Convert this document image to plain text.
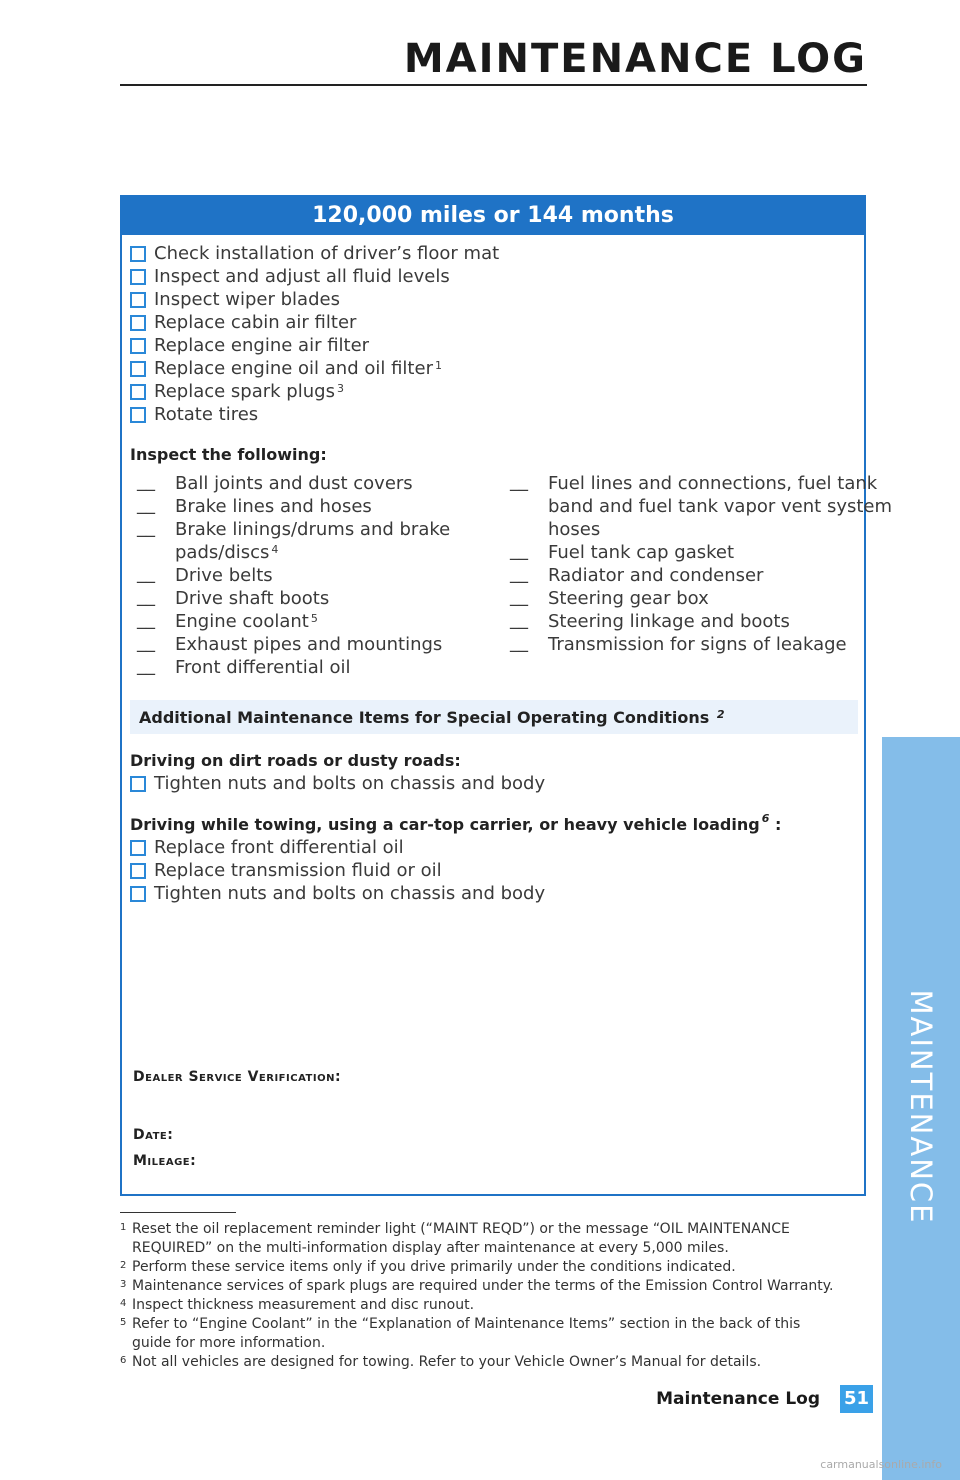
MAINTENANCE LOG
MAINTENANCE
120,000 miles or 144 months
Check installation of driver’s floor mat
Inspect and adjust all fluid levels
Inspect wiper blades
Replace cabin air filter
Replace engine air filter
Replace engine oil and oil filter $^1$
Replace spark plugs $^3$
Rotate tires
Inspect the following:
__ Ball joints and dust covers
__ Brake lines and hoses
__ Brake linings/drums and brake
pads/discs $^4$
__ Drive belts
__ Drive shaft boots
__ Engine coolant $^5$
__ Exhaust pipes and mountings
__ Front differential oil
__ Fuel lines and connections, fuel tank
band and fuel tank vapor vent system
hoses
__ Fuel tank cap gasket
__ Radiator and condenser
__ Steering gear box
__ Steering linkage and boots
__ Transmission for signs of leakage
Additional Maintenance Items for Special Operating Conditions $^2$
Driving on dirt roads or dusty roads:
Tighten nuts and bolts on chassis and body
Driving while towing, using a car-top carrier, or heavy vehicle loading $^6$ :
Replace front differential oil
Replace transmission fluid or oil
Tighten nuts and bolts on chassis and body
Dealer Service Verification:
Date:
Mileage:
1 Reset the oil replacement reminder light (“MAINT REQD”) or the message “OIL MAINTENANCE
REQUIRED” on the multi-information display after maintenance at every 5,000 miles.
2 Perform these service items only if you drive primarily under the conditions indicated.
3 Maintenance services of spark plugs are required under the terms of the Emission Control Warranty.
4 Inspect thickness measurement and disc runout.
5 Refer to “Engine Coolant” in the “Explanation of Maintenance Items” section in the back of this
guide for more information.
6 Not all vehicles are designed for towing. Refer to your Vehicle Owner’s Manual for details.
Maintenance Log 51
carmanualsonline.info
